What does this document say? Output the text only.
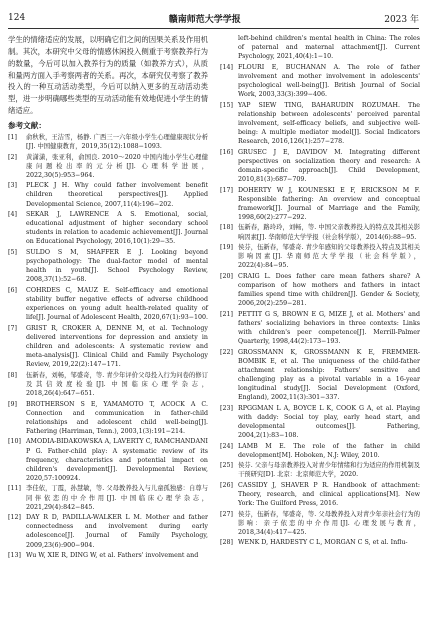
124	赣南师范大学学报	2023 年

学生的情绪适应的发展，以明确它们之间的因果关系及作用机制。其次，本研究中父母的情感休闲投入侧重于考察教养行为的数量，今后可以加入教养行为的质量（如教养方式），从质和量两方面入手考察两者的关系。再次，本研究仅考察了教养投入的一种互动活动类型，今后可以纳入更多的互动活动类型，进一步明确哪些类型的互动活动能有效地促进小学生的情绪适应。

参考文献：
[1]	俞秋秋，王洁雪，杨静. 广西三一六年级小学生心理健康现状分析[J]. 中国健康教育，2019,35(12):1088−1093.
[2]	黄潇潇，张亚利，俞国良. 2010～2020 中国内地小学生心理健康问题检出率的元分析[J]. 心理科学进展，2022,30(5):953−964.
[3]	PLECK J H. Why could father involvement benefit children theoretical perspectives[J]. Applied Developmental Science, 2007,11(4):196−202.
[4]	SEKAR J, LAWRENCE A S. Emotional, social, educational adjustment of higher secondary school students in relation to academic achievement[J]. Journal on Educational Psychology, 2016,10(1):29−35.
[5]	SULDO S M, SHAFFER E J. Looking beyond psychopathology: The dual-factor model of mental health in youth[J]. School Psychology Review, 2008,37(1):52−68.
[6]	COHRDES C, MAUZ E. Self-efficacy and emotional stability buffer negative effects of adverse childhood experiences on young adult health-related quality of life[J]. Journal of Adolescent Health, 2020,67(1):93−100.
[7]	GRIST R, CROKER A, DENNE M, et al. Technology delivered interventions for depression and anxiety in children and adolescents: A systematic review and meta-analysis[J]. Clinical Child and Family Psychology Review, 2019,22(2):147−171.
[8]	伍新春，刘畅，邹盛奇，等. 青少年评价父母投入行为问卷的修订及其信效度检验[J]. 中国临床心理学杂志，2018,26(4):647−651.
[9]	BROTHERSON S E, YAMAMOTO T, ACOCK A C. Connection and communication in father-child relationships and adolescent child well-being[J]. Fathering (Harriman, Tenn.), 2003,1(3):191−214.
[10] AMODIA-BIDAKOWSKA A, LAVERTY C, RAMCHANDANI P G. Father-child play: A systematic review of its frequency, characteristics and potential impact on children's development[J]. Developmental Review, 2020,57:100924.
[11] 李佳依，丁霞，孙慧敏，等. 父母教养投入与儿童孤独感：自尊与同伴依恋的中介作用[J]. 中国临床心理学杂志，2021,29(4):842−845.
[12] DAY R D, PADILLA-WALKER L M. Mother and father connectedness and involvement during early adolescence[J]. Journal of Family Psychology, 2009,23(6):900−904.
[13] Wu W, XIE R, DING W, et al. Fathers' involvement and
left-behind children's mental health in China: The roles of paternal and maternal attachment[J]. Current Psychology, 2021,40(4):1−10.
[14] FLOURI E, BUCHANAN A. The role of father involvement and mother involvement in adolescents' psychological well-being[J]. British Journal of Social Work, 2003,33(3):399−406.
[15] YAP SIEW TING, BAHARUDIN ROZUMAH. The relationship between adolescents' perceived parental involvement, self-efficacy beliefs, and subjective well-being: A multiple mediator model[J]. Social Indicators Research, 2016,126(1):257−278.
[16] GRUSEC J E, DAVIDOV M. Integrating different perspectives on socialization theory and research: A domain-specific approach[J]. Child Development, 2010,81(3):687−709.
[17] DOHERTY W J, KOUNESKI E F, ERICKSON M F. Responsible fathering: An overview and conceptual framework[J]. Journal of Marriage and the Family, 1998,60(2):277−292.
[18] 伍新春，路玲玲，刘畅，等. 中国父亲教养投入的特点及其相关影响因素[J]. 华南师范大学学报（社会科学版），2014(6):88−95.
[19] 侯芬，伍新春，邹盛奇. 青少年感知的父母教养投入特点及其相关影响因素[J]. 华南师范大学学报（社会科学版），2022(4):84−95.
[20] CRAIG L. Does father care mean fathers share? A comparison of how mothers and fathers in intact families spend time with children[J]. Gender & Society, 2006,20(2):259−281.
[21] PETTIT G S, BROWN E G, MIZE J, et al. Mothers' and fathers' socializing behaviors in three contexts: Links with children's peer competence[J]. Merrill-Palmer Quarterly, 1998,44(2):173−193.
[22] GROSSMANN K, GROSSMANN K E, FREMMER-BOMBIK E, et al. The uniqueness of the child-father attachment relationship: Fathers' sensitive and challenging play as a pivotal variable in a 16-year longitudinal study[J]. Social Development (Oxford, England), 2002,11(3):301−337.
[23] RPGGMAN L A, BOYCE L K, COOK G A, et al. Playing with daddy: Social toy play, early head start, and developmental outcomes[J]. Fathering, 2004,2(1):83−108.
[24] LAMB M E. The role of the father in child development[M]. Hoboken, N.J: Wiley, 2010.
[25] 侯芬. 父亲与母亲教养投入对青少年情绪和行为适应的作用机制及干预研究[D]. 北京：北京师范大学，2020.
[26] CASSIDY J, SHAVER P R. Handbook of attachment: Theory, research, and clinical applications[M]. New York: The Guilford Press, 2016.
[27] 侯芬，伍新春，邹盛奇，等. 父母教养投入对青少年亲社会行为的影响：亲子依恋的中介作用[J]. 心理发展与教育，2018,34(4):417−425.
[28] WENK D, HARDESTY C L, MORGAN C S, et al. Influ-
